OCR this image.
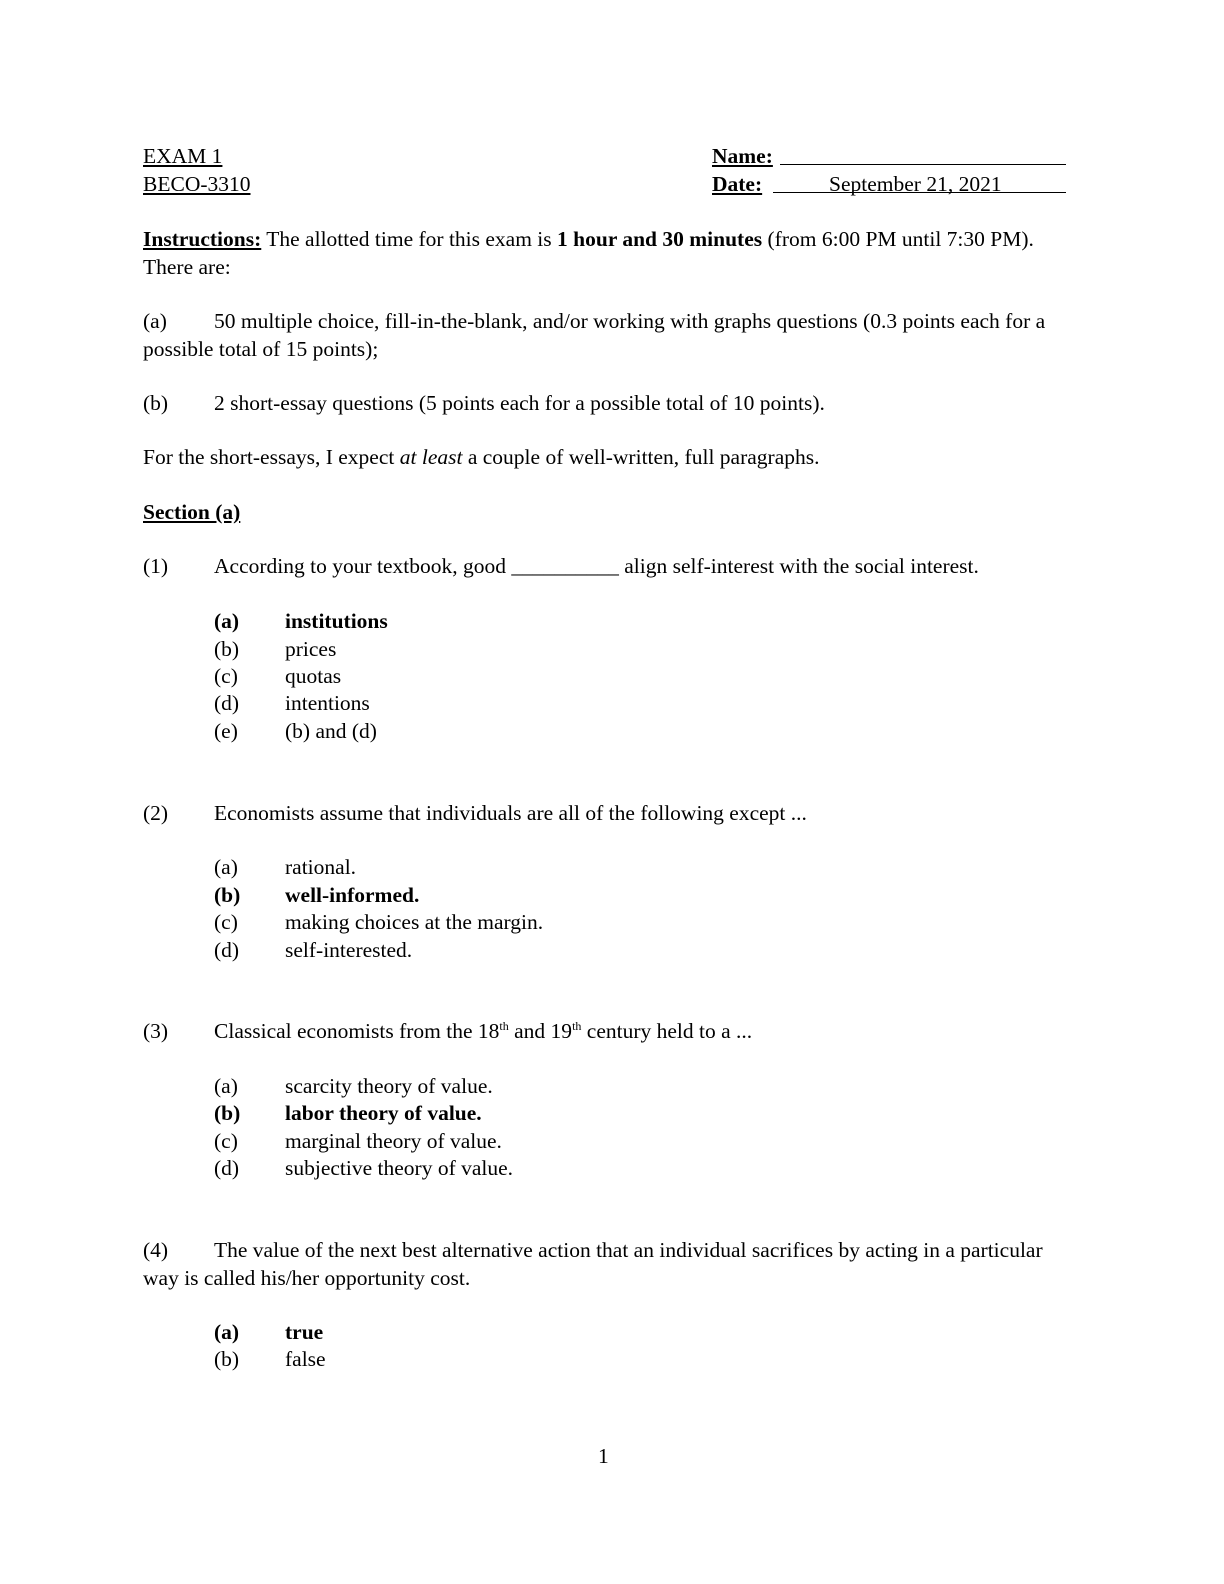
EXAM 1
BECO-3310
Name:
Date:	September 21, 2021
Instructions: The allotted time for this exam is 1 hour and 30 minutes (from 6:00 PM until 7:30 PM). There are:
(a) 50 multiple choice, fill-in-the-blank, and/or working with graphs questions (0.3 points each for a possible total of 15 points);
(b) 2 short-essay questions (5 points each for a possible total of 10 points).
For the short-essays, I expect at least a couple of well-written, full paragraphs.
Section (a)
(1) According to your textbook, good __________ align self-interest with the social interest.
(a) institutions
(b) prices
(c) quotas
(d) intentions
(e) (b) and (d)
(2) Economists assume that individuals are all of the following except ...
(a) rational.
(b) well-informed.
(c) making choices at the margin.
(d) self-interested.
(3) Classical economists from the 18th and 19th century held to a ...
(a) scarcity theory of value.
(b) labor theory of value.
(c) marginal theory of value.
(d) subjective theory of value.
(4) The value of the next best alternative action that an individual sacrifices by acting in a particular way is called his/her opportunity cost.
(a) true
(b) false
1
